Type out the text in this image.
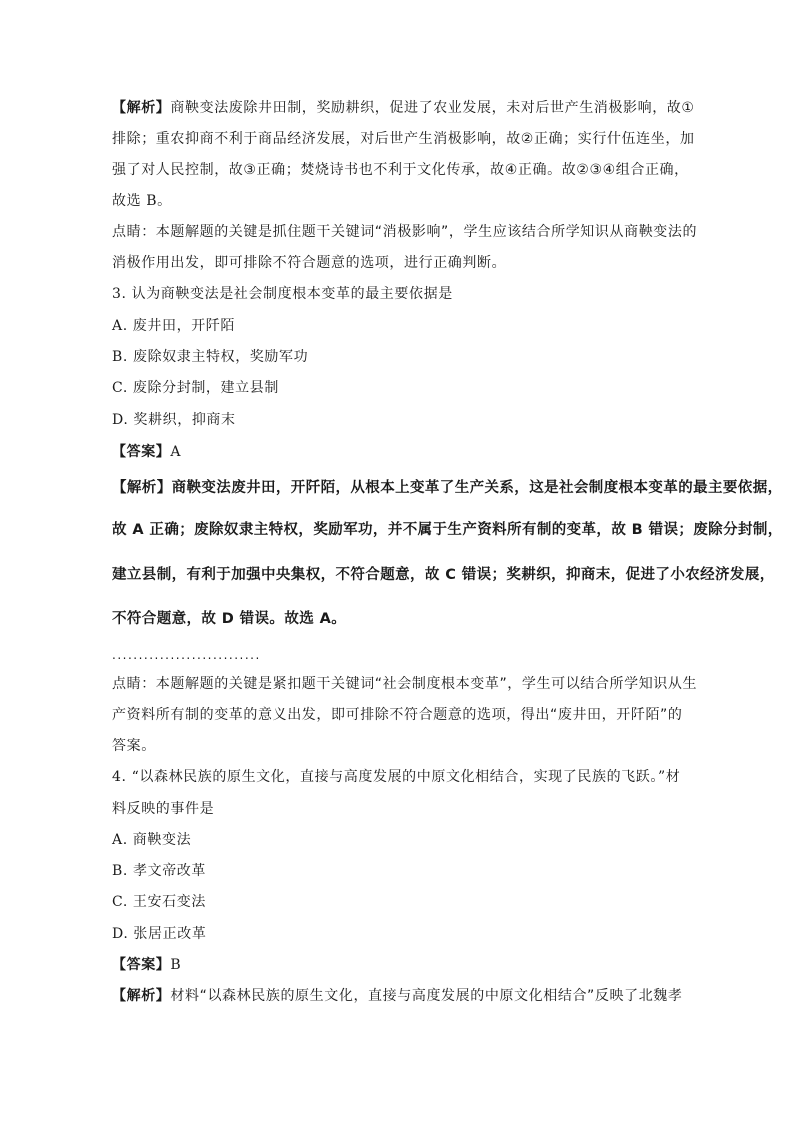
【解析】商鞅变法废除井田制，奖励耕织，促进了农业发展，未对后世产生消极影响，故①
排除；重农抑商不利于商品经济发展，对后世产生消极影响，故②正确；实行什伍连坐，加
强了对人民控制，故③正确；焚烧诗书也不利于文化传承，故④正确。故②③④组合正确，
故选 B。
点睛：本题解题的关键是抓住题干关键词“消极影响”，学生应该结合所学知识从商鞅变法的
消极作用出发，即可排除不符合题意的选项，进行正确判断。
3. 认为商鞅变法是社会制度根本变革的最主要依据是
A. 废井田，开阡陌
B. 废除奴隶主特权，奖励军功
C. 废除分封制，建立县制
D. 奖耕织，抑商末
【答案】A
【解析】商鞅变法废井田，开阡陌，从根本上变革了生产关系，这是社会制度根本变革的最主要依据，
故 A 正确；废除奴隶主特权，奖励军功，并不属于生产资料所有制的变革，故 B 错误；废除分封制，
建立县制，有利于加强中央集权，不符合题意，故 C 错误；奖耕织，抑商末，促进了小农经济发展，
不符合题意，故 D 错误。故选 A。
............................
点睛：本题解题的关键是紧扣题干关键词“社会制度根本变革”，学生可以结合所学知识从生
产资料所有制的变革的意义出发，即可排除不符合题意的选项，得出“废井田，开阡陌”的
答案。
4. “以森林民族的原生文化，直接与高度发展的中原文化相结合，实现了民族的飞跃。”材
料反映的事件是
A. 商鞅变法
B. 孝文帝改革
C. 王安石变法
D. 张居正改革
【答案】B
【解析】材料“以森林民族的原生文化，直接与高度发展的中原文化相结合”反映了北魏孝
